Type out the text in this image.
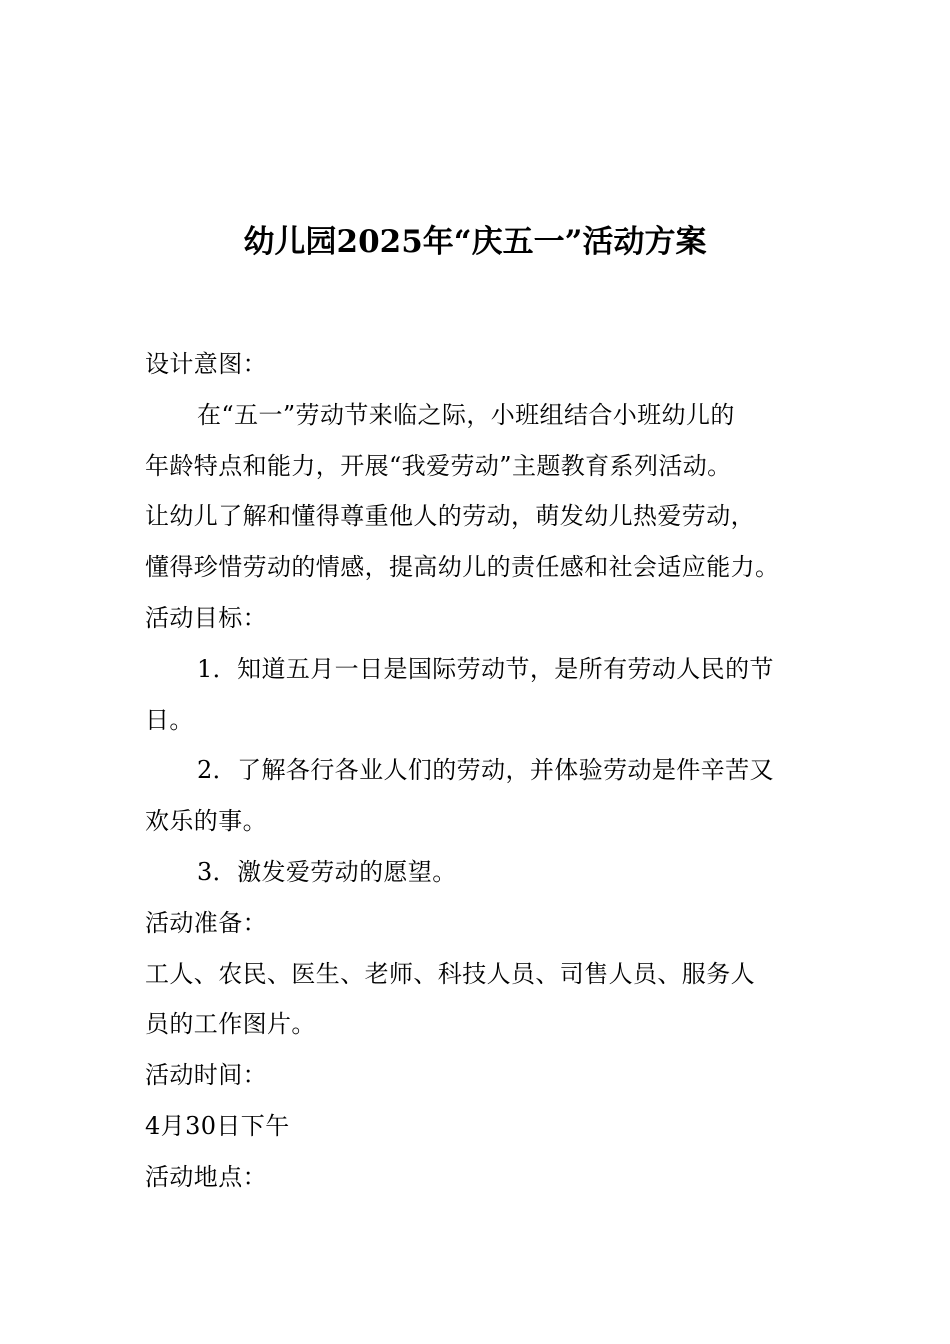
幼儿园2025年“庆五一”活动方案
设计意图：
在“五一”劳动节来临之际，小班组结合小班幼儿的
年龄特点和能力，开展“我爱劳动”主题教育系列活动。
让幼儿了解和懂得尊重他人的劳动，萌发幼儿热爱劳动，
懂得珍惜劳动的情感，提高幼儿的责任感和社会适应能力。
活动目标：
1．知道五月一日是国际劳动节，是所有劳动人民的节
日。
2．了解各行各业人们的劳动，并体验劳动是件辛苦又
欢乐的事。
3．激发爱劳动的愿望。
活动准备：
工人、农民、医生、老师、科技人员、司售人员、服务人
员的工作图片。
活动时间：
4月30日下午
活动地点：
